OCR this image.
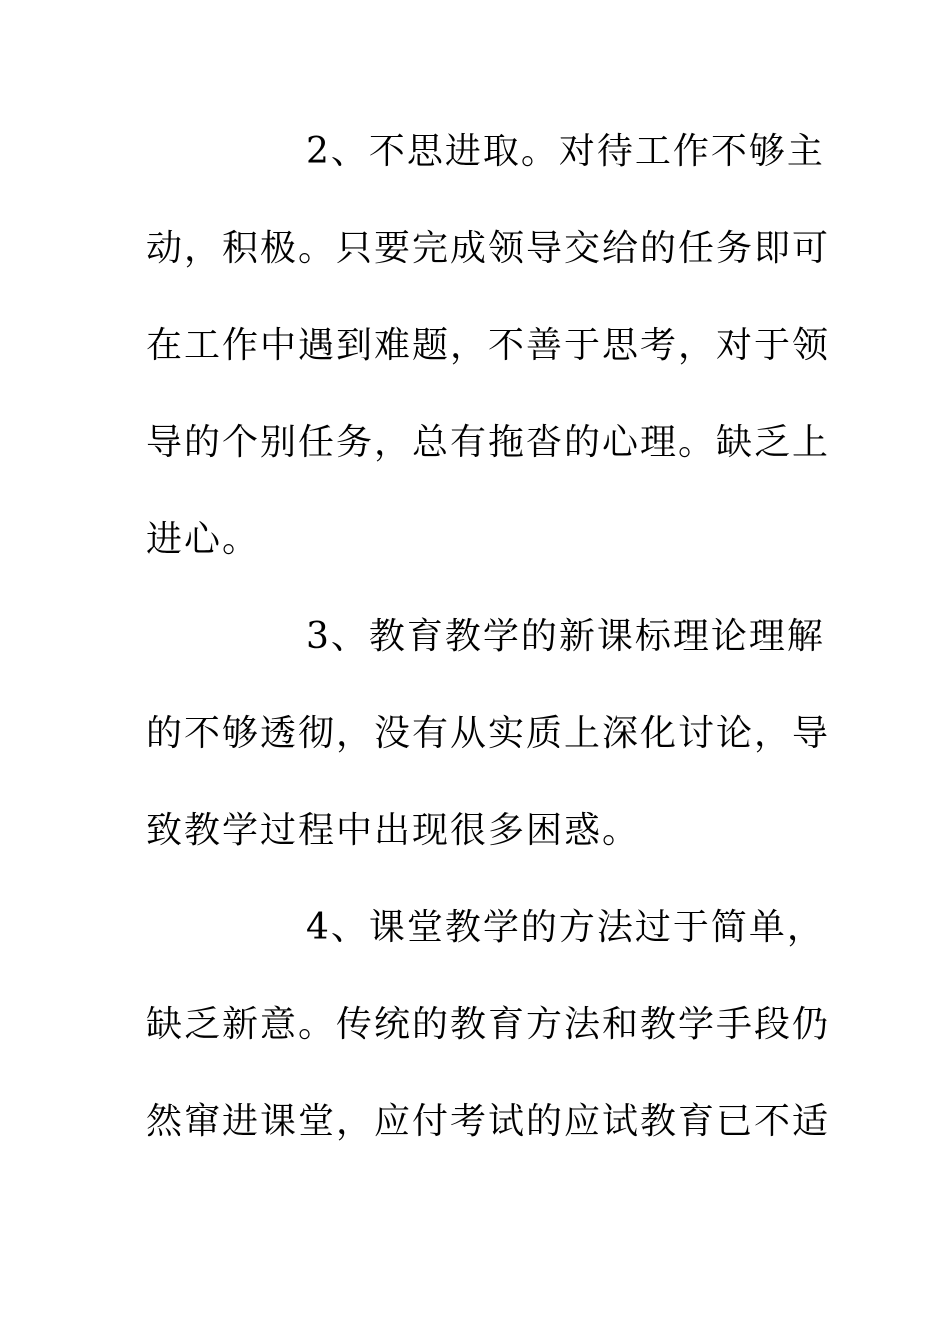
2、不思进取。对待工作不够主
动，积极。只要完成领导交给的任务即可
在工作中遇到难题，不善于思考，对于领
导的个别任务，总有拖沓的心理。缺乏上
进心。
3、教育教学的新课标理论理解
的不够透彻，没有从实质上深化讨论，导
致教学过程中出现很多困惑。
4、课堂教学的方法过于简单，
缺乏新意。传统的教育方法和教学手段仍
然窜进课堂，应付考试的应试教育已不适
